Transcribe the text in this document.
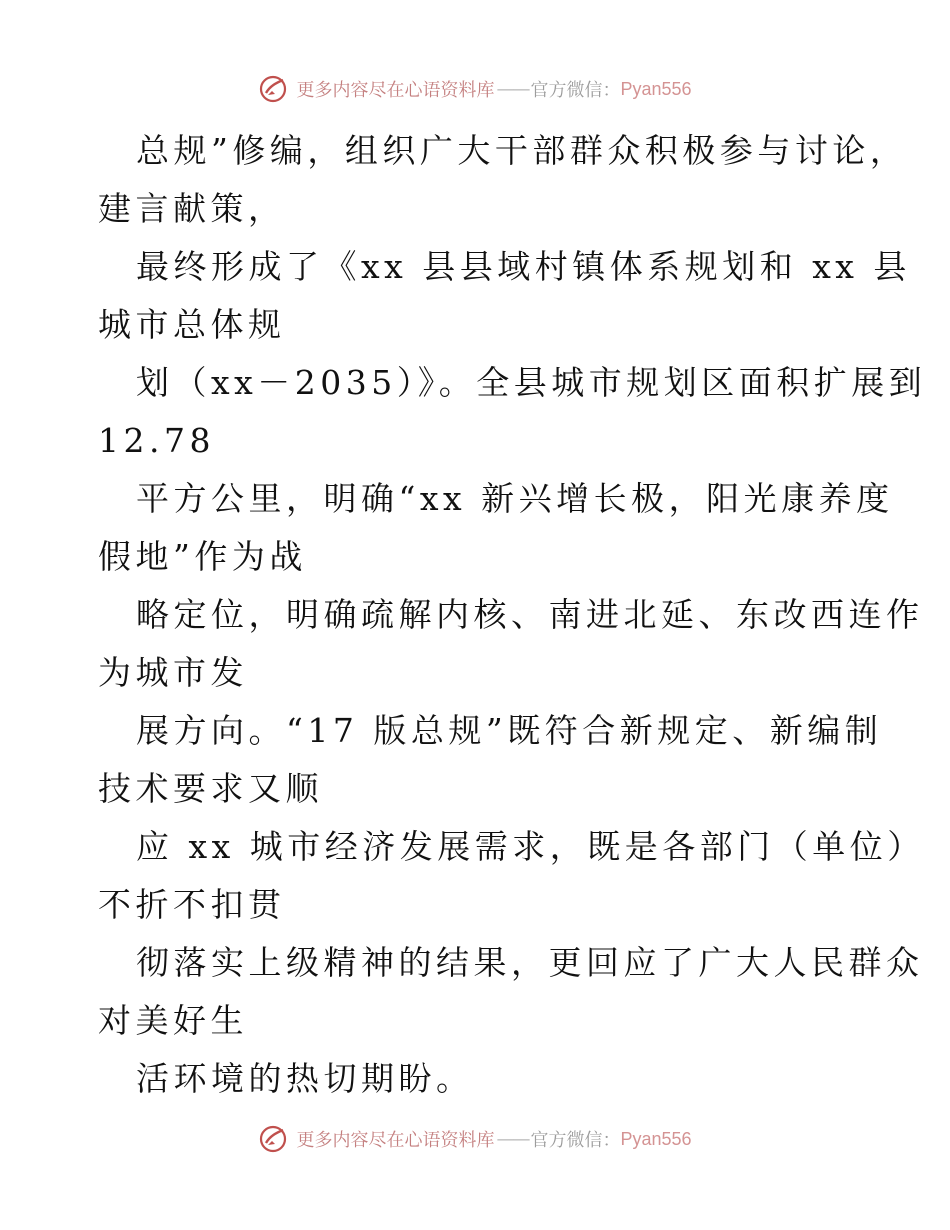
更多内容尽在心语资料库 —— 官方微信： Pyan556
总规”修编，组织广大干部群众积极参与讨论，
建言献策，
最终形成了《xx 县县域村镇体系规划和 xx 县
城市总体规
划（xx－2035）》。全县城市规划区面积扩展到
12.78
平方公里，明确“xx 新兴增长极，阳光康养度
假地”作为战
略定位，明确疏解内核、南进北延、东改西连作
为城市发
展方向。“17 版总规”既符合新规定、新编制
技术要求又顺
应 xx 城市经济发展需求，既是各部门（单位）
不折不扣贯
彻落实上级精神的结果，更回应了广大人民群众
对美好生
活环境的热切期盼。
更多内容尽在心语资料库 —— 官方微信： Pyan556
